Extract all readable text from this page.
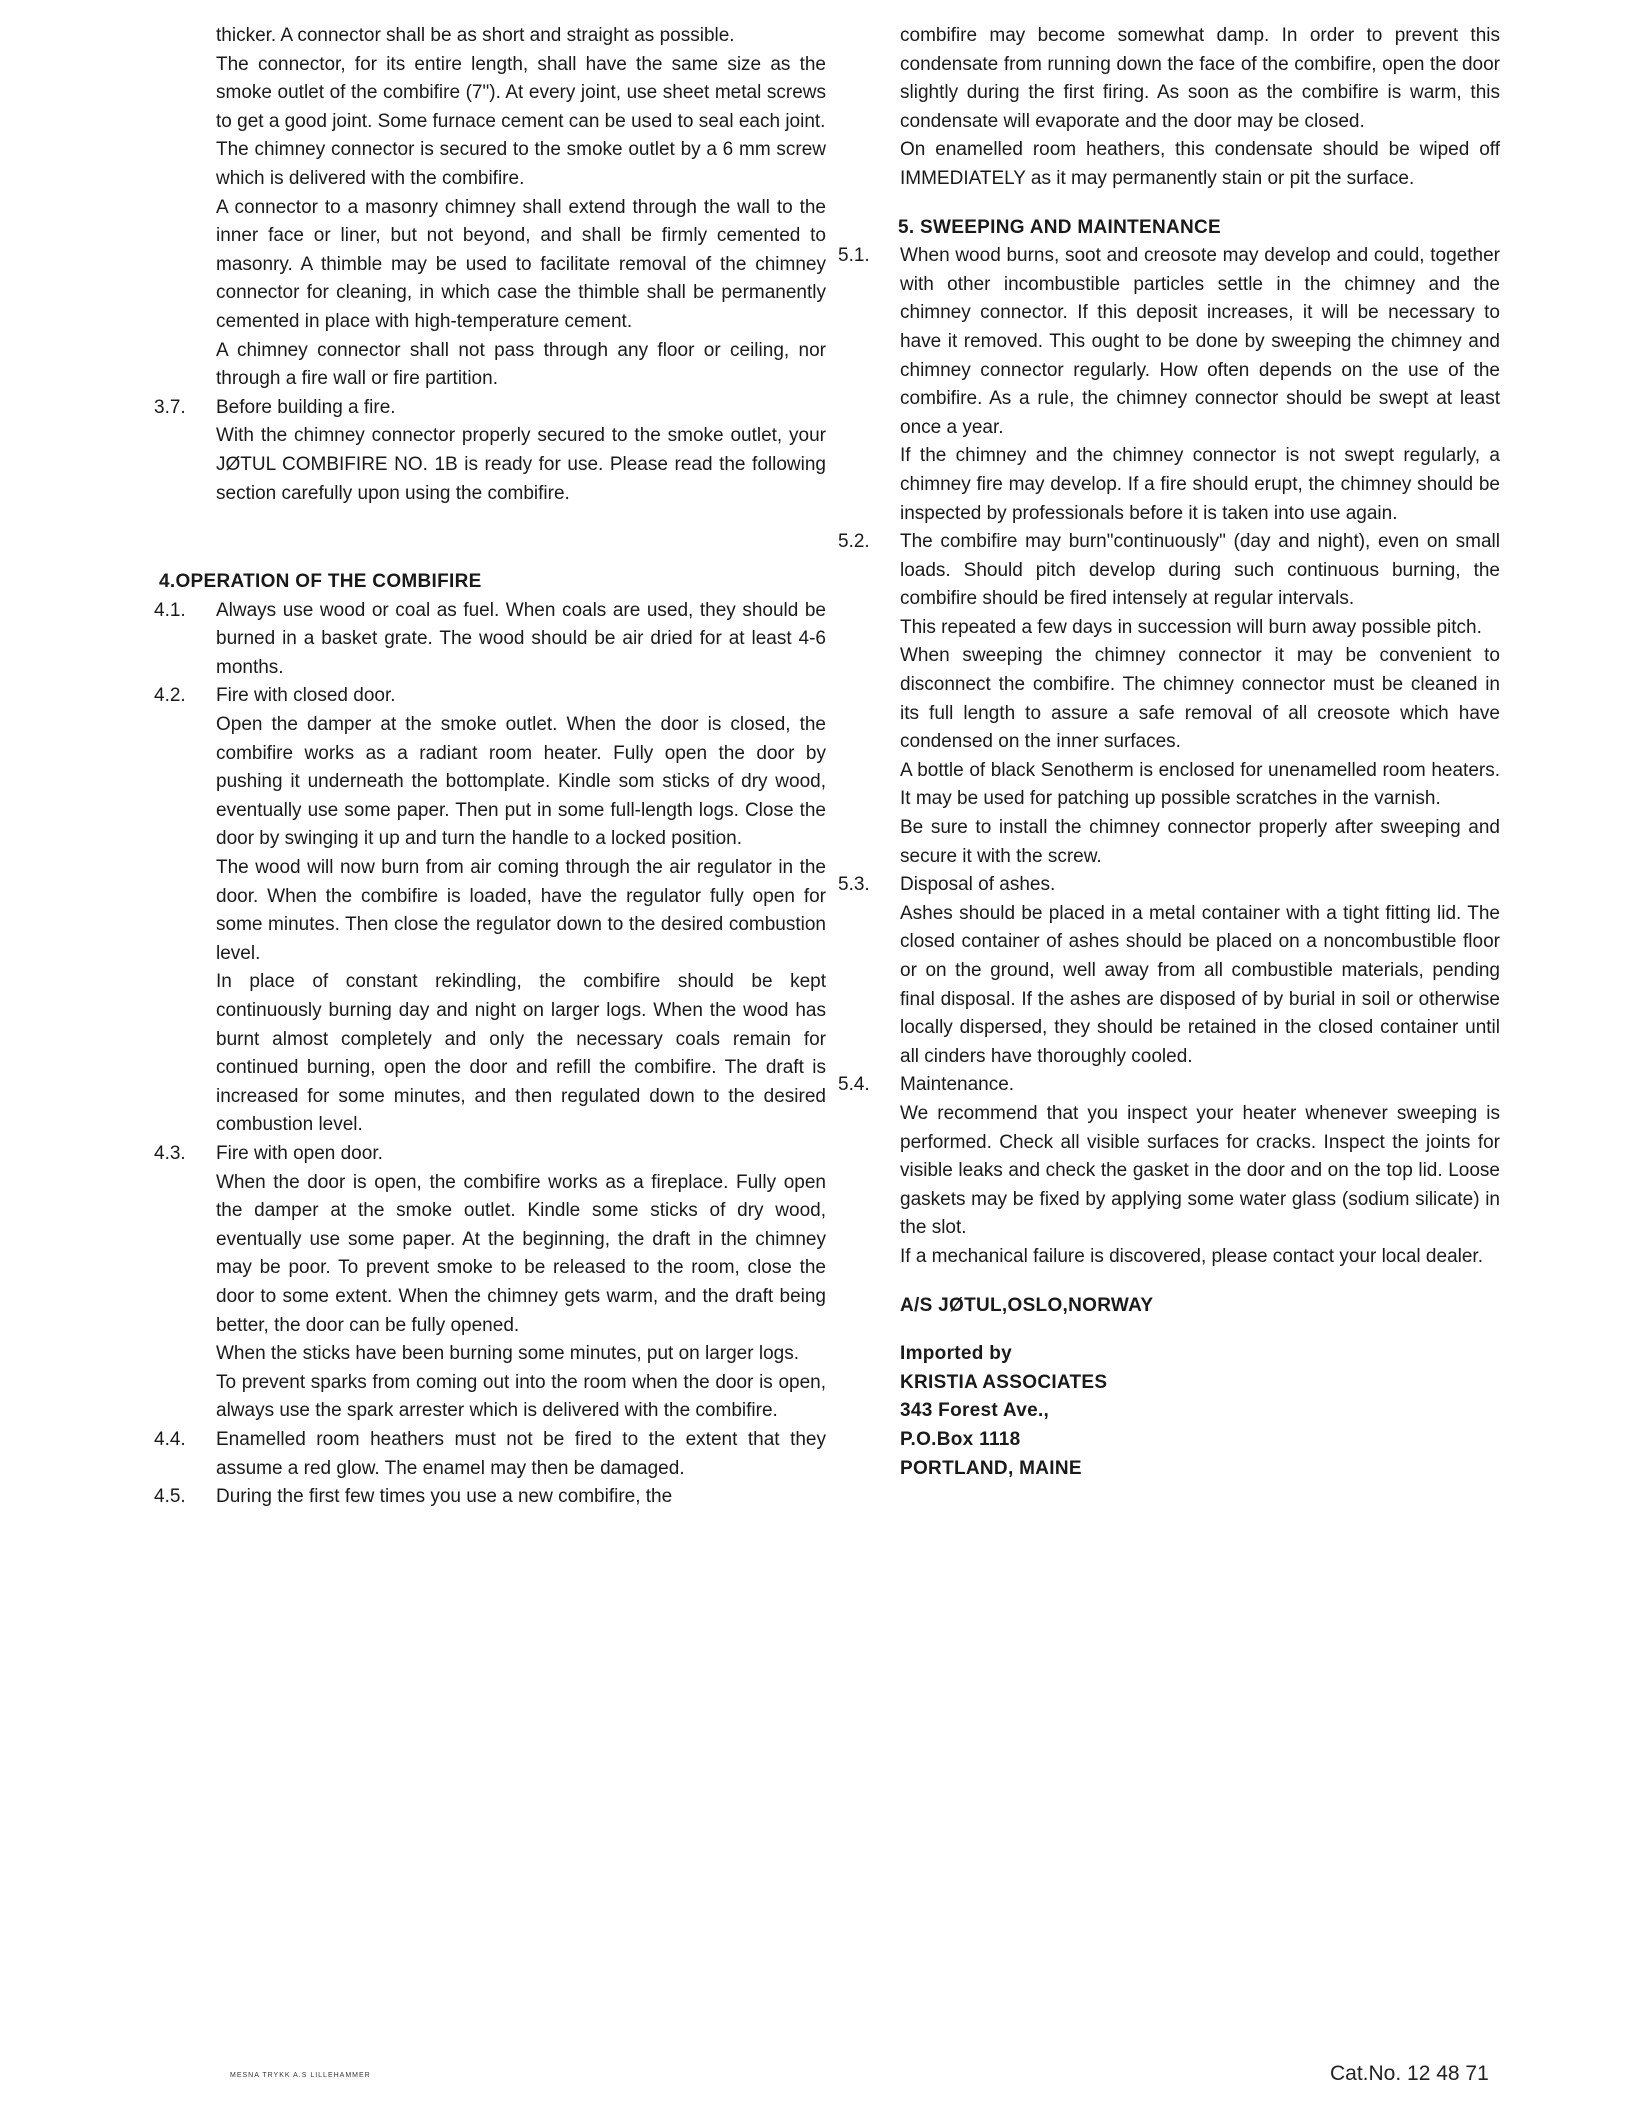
thicker. A connector shall be as short and straight as possible.

The connector, for its entire length, shall have the same size as the smoke outlet of the combifire (7"). At every joint, use sheet metal screws to get a good joint. Some furnace cement can be used to seal each joint.

The chimney connector is secured to the smoke outlet by a 6 mm screw which is delivered with the combifire.

A connector to a masonry chimney shall extend through the wall to the inner face or liner, but not beyond, and shall be firmly cemented to masonry. A thimble may be used to facilitate removal of the chimney connector for cleaning, in which case the thimble shall be permanently cemented in place with high-temperature cement.

A chimney connector shall not pass through any floor or ceiling, nor through a fire wall or fire partition.

3.7. Before building a fire.

With the chimney connector properly secured to the smoke outlet, your JØTUL COMBIFIRE NO. 1B is ready for use. Please read the following section carefully upon using the combifire.

4.OPERATION OF THE COMBIFIRE

4.1. Always use wood or coal as fuel. When coals are used, they should be burned in a basket grate. The wood should be air dried for at least 4-6 months.

4.2. Fire with closed door.

Open the damper at the smoke outlet. When the door is closed, the combifire works as a radiant room heater. Fully open the door by pushing it underneath the bottomplate. Kindle som sticks of dry wood, eventually use some paper. Then put in some full-length logs. Close the door by swinging it up and turn the handle to a locked position.

The wood will now burn from air coming through the air regulator in the door. When the combifire is loaded, have the regulator fully open for some minutes. Then close the regulator down to the desired combustion level.

In place of constant rekindling, the combifire should be kept continuously burning day and night on larger logs. When the wood has burnt almost completely and only the necessary coals remain for continued burning, open the door and refill the combifire. The draft is increased for some minutes, and then regulated down to the desired combustion level.

4.3. Fire with open door.

When the door is open, the combifire works as a fireplace. Fully open the damper at the smoke outlet. Kindle some sticks of dry wood, eventually use some paper. At the beginning, the draft in the chimney may be poor. To prevent smoke to be released to the room, close the door to some extent. When the chimney gets warm, and the draft being better, the door can be fully opened.

When the sticks have been burning some minutes, put on larger logs.

To prevent sparks from coming out into the room when the door is open, always use the spark arrester which is delivered with the combifire.

4.4. Enamelled room heathers must not be fired to the extent that they assume a red glow. The enamel may then be damaged.

4.5. During the first few times you use a new combifire, the

combifire may become somewhat damp. In order to prevent this condensate from running down the face of the combifire, open the door slightly during the first firing. As soon as the combifire is warm, this condensate will evaporate and the door may be closed.

On enamelled room heathers, this condensate should be wiped off IMMEDIATELY as it may permanently stain or pit the surface.

5. SWEEPING AND MAINTENANCE

5.1. When wood burns, soot and creosote may develop and could, together with other incombustible particles settle in the chimney and the chimney connector. If this deposit increases, it will be necessary to have it removed. This ought to be done by sweeping the chimney and chimney connector regularly. How often depends on the use of the combifire. As a rule, the chimney connector should be swept at least once a year.

If the chimney and the chimney connector is not swept regularly, a chimney fire may develop. If a fire should erupt, the chimney should be inspected by professionals before it is taken into use again.

5.2. The combifire may burn"continuously" (day and night), even on small loads. Should pitch develop during such continuous burning, the combifire should be fired intensely at regular intervals.

This repeated a few days in succession will burn away possible pitch.

When sweeping the chimney connector it may be convenient to disconnect the combifire. The chimney connector must be cleaned in its full length to assure a safe removal of all creosote which have condensed on the inner surfaces.

A bottle of black Senotherm is enclosed for unenamelled room heaters. It may be used for patching up possible scratches in the varnish.

Be sure to install the chimney connector properly after sweeping and secure it with the screw.

5.3. Disposal of ashes.

Ashes should be placed in a metal container with a tight fitting lid. The closed container of ashes should be placed on a noncombustible floor or on the ground, well away from all combustible materials, pending final disposal. If the ashes are disposed of by burial in soil or otherwise locally dispersed, they should be retained in the closed container until all cinders have thoroughly cooled.

5.4. Maintenance.

We recommend that you inspect your heater whenever sweeping is performed. Check all visible surfaces for cracks. Inspect the joints for visible leaks and check the gasket in the door and on the top lid. Loose gaskets may be fixed by applying some water glass (sodium silicate) in the slot.

If a mechanical failure is discovered, please contact your local dealer.

A/S JØTUL,OSLO,NORWAY

Imported by

KRISTIA ASSOCIATES

343 Forest Ave.,

P.O.Box 1118

PORTLAND, MAINE

MESNA TRYKK A.S LILLEHAMMER	Cat.No. 12 48 71
